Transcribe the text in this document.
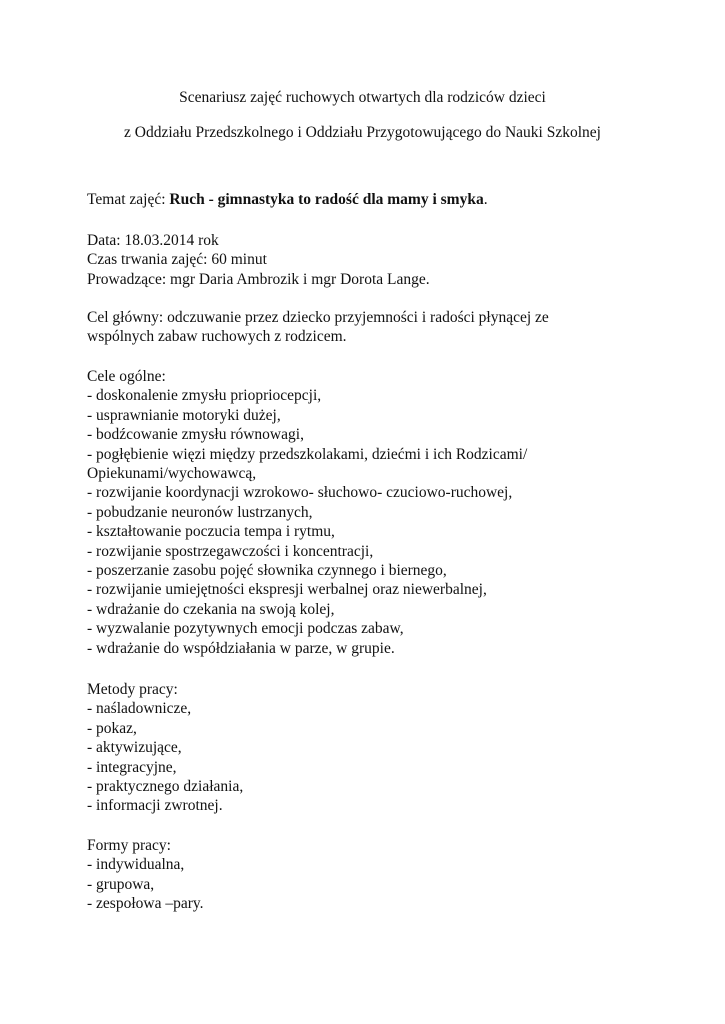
Scenariusz zajęć ruchowych otwartych dla rodziców dzieci
z Oddziału Przedszkolnego i Oddziału Przygotowującego do Nauki Szkolnej
Temat zajęć: Ruch - gimnastyka to radość dla mamy i smyka.
Data: 18.03.2014 rok
Czas trwania zajęć: 60 minut
Prowadzące: mgr Daria Ambrozik i mgr Dorota Lange.
Cel główny: odczuwanie przez dziecko przyjemności i radości płynącej ze
wspólnych zabaw ruchowych z rodzicem.
Cele ogólne:
- doskonalenie zmysłu priopriocepcji,
- usprawnianie motoryki dużej,
- bodźcowanie zmysłu równowagi,
- pogłębienie więzi między przedszkolakami, dziećmi i ich Rodzicami/
Opiekunami/wychowawcą,
- rozwijanie koordynacji wzrokowo- słuchowo- czuciowo-ruchowej,
- pobudzanie neuronów lustrzanych,
- kształtowanie poczucia tempa i rytmu,
- rozwijanie spostrzegawczości i koncentracji,
- poszerzanie zasobu pojęć słownika czynnego i biernego,
- rozwijanie umiejętności ekspresji werbalnej oraz niewerbalnej,
- wdrażanie do czekania na swoją kolej,
- wyzwalanie pozytywnych emocji podczas zabaw,
- wdrażanie do współdziałania w parze, w grupie.
Metody pracy:
- naśladownicze,
- pokaz,
- aktywizujące,
- integracyjne,
- praktycznego działania,
- informacji zwrotnej.
Formy pracy:
- indywidualna,
- grupowa,
- zespołowa –pary.
